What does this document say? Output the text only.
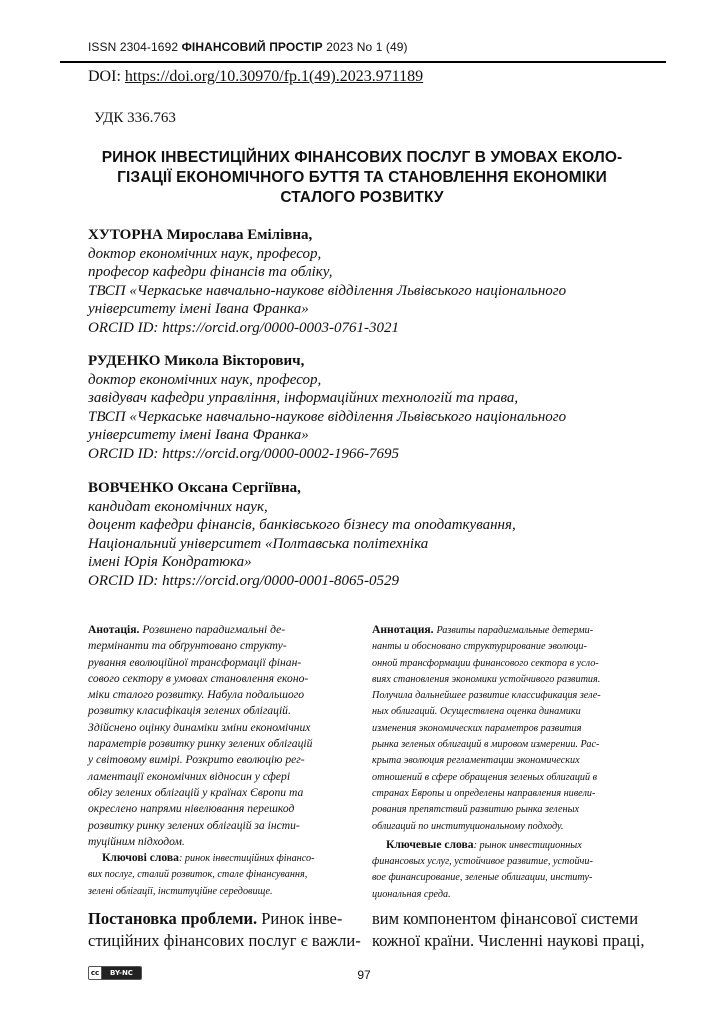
ISSN 2304-1692 ФІНАНСОВИЙ ПРОСТІР 2023 No 1 (49)
DOI: https://doi.org/10.30970/fp.1(49).2023.971189
УДК 336.763
РИНОК ІНВЕСТИЦІЙНИХ ФІНАНСОВИХ ПОСЛУГ В УМОВАХ ЕКОЛО-
ГІЗАЦІЇ ЕКОНОМІЧНОГО БУТТЯ ТА СТАНОВЛЕННЯ ЕКОНОМІКИ
СТАЛОГО РОЗВИТКУ
ХУТОРНА Мирослава Емілівна,
доктор економічних наук, професор,
професор кафедри фінансів та обліку,
ТВСП «Черкаське навчально-наукове відділення Львівського національного
університету імені Івана Франка»
ORCID ID: https://orcid.org/0000-0003-0761-3021
РУДЕНКО Микола Вікторович,
доктор економічних наук, професор,
завідувач кафедри управління, інформаційних технологій та права,
ТВСП «Черкаське навчально-наукове відділення Львівського національного
університету імені Івана Франка»
ORCID ID: https://orcid.org/0000-0002-1966-7695
ВОВЧЕНКО Оксана Сергіївна,
кандидат економічних наук,
доцент кафедри фінансів, банківського бізнесу та оподаткування,
Національний університет «Полтавська політехніка
імені Юрія Кондратюка»
ORCID ID: https://orcid.org/0000-0001-8065-0529
Анотація. Розвинено парадигмальні де-
термінанти та обґрунтовано структу-
рування еволюційної трансформації фінан-
сового сектору в умовах становлення еконо-
міки сталого розвитку. Набула подальшого
розвитку класифікація зелених облігацій.
Здійснено оцінку динаміки зміни економічних
параметрів розвитку ринку зелених облігацій
у світовому вимірі. Розкрито еволюцію рег-
ламентації економічних відносин у сфері
обігу зелених облігацій у країнах Європи та
окреслено напрями нівелювання перешкод
розвитку ринку зелених облігацій за інсти-
туційним підходом.
Ключові слова: ринок інвестиційних фінансо-
вих послуг, сталий розвиток, стале фінансування,
зелені облігації, інституційне середовище.
Аннотация. Развиты парадигмальные детерми-
нанты и обосновано структурирование эволюци-
онной трансформации финансового сектора в усло-
виях становления экономики устойчивого развития.
Получила дальнейшее развитие классификация зеле-
ных облигаций. Осуществлена оценка динамики
изменения экономических параметров развития
рынка зеленых облигаций в мировом измерении. Рас-
крыта эволюция регламентации экономических
отношений в сфере обращения зеленых облигаций в
странах Европы и определены направления нивели-
рования препятствий развитию рынка зеленых
облигаций по институциональному подходу.
Ключевые слова: рынок инвестиционных
финансовых услуг, устойчивое развитие, устойчи-
вое финансирование, зеленые облигации, институ-
циональная среда.
Постановка проблеми. Ринок інве-
стиційних фінансових послуг є важли-
вим компонентом фінансової системи
кожної країни. Численні наукові праці,
cc	BY-NC	97
